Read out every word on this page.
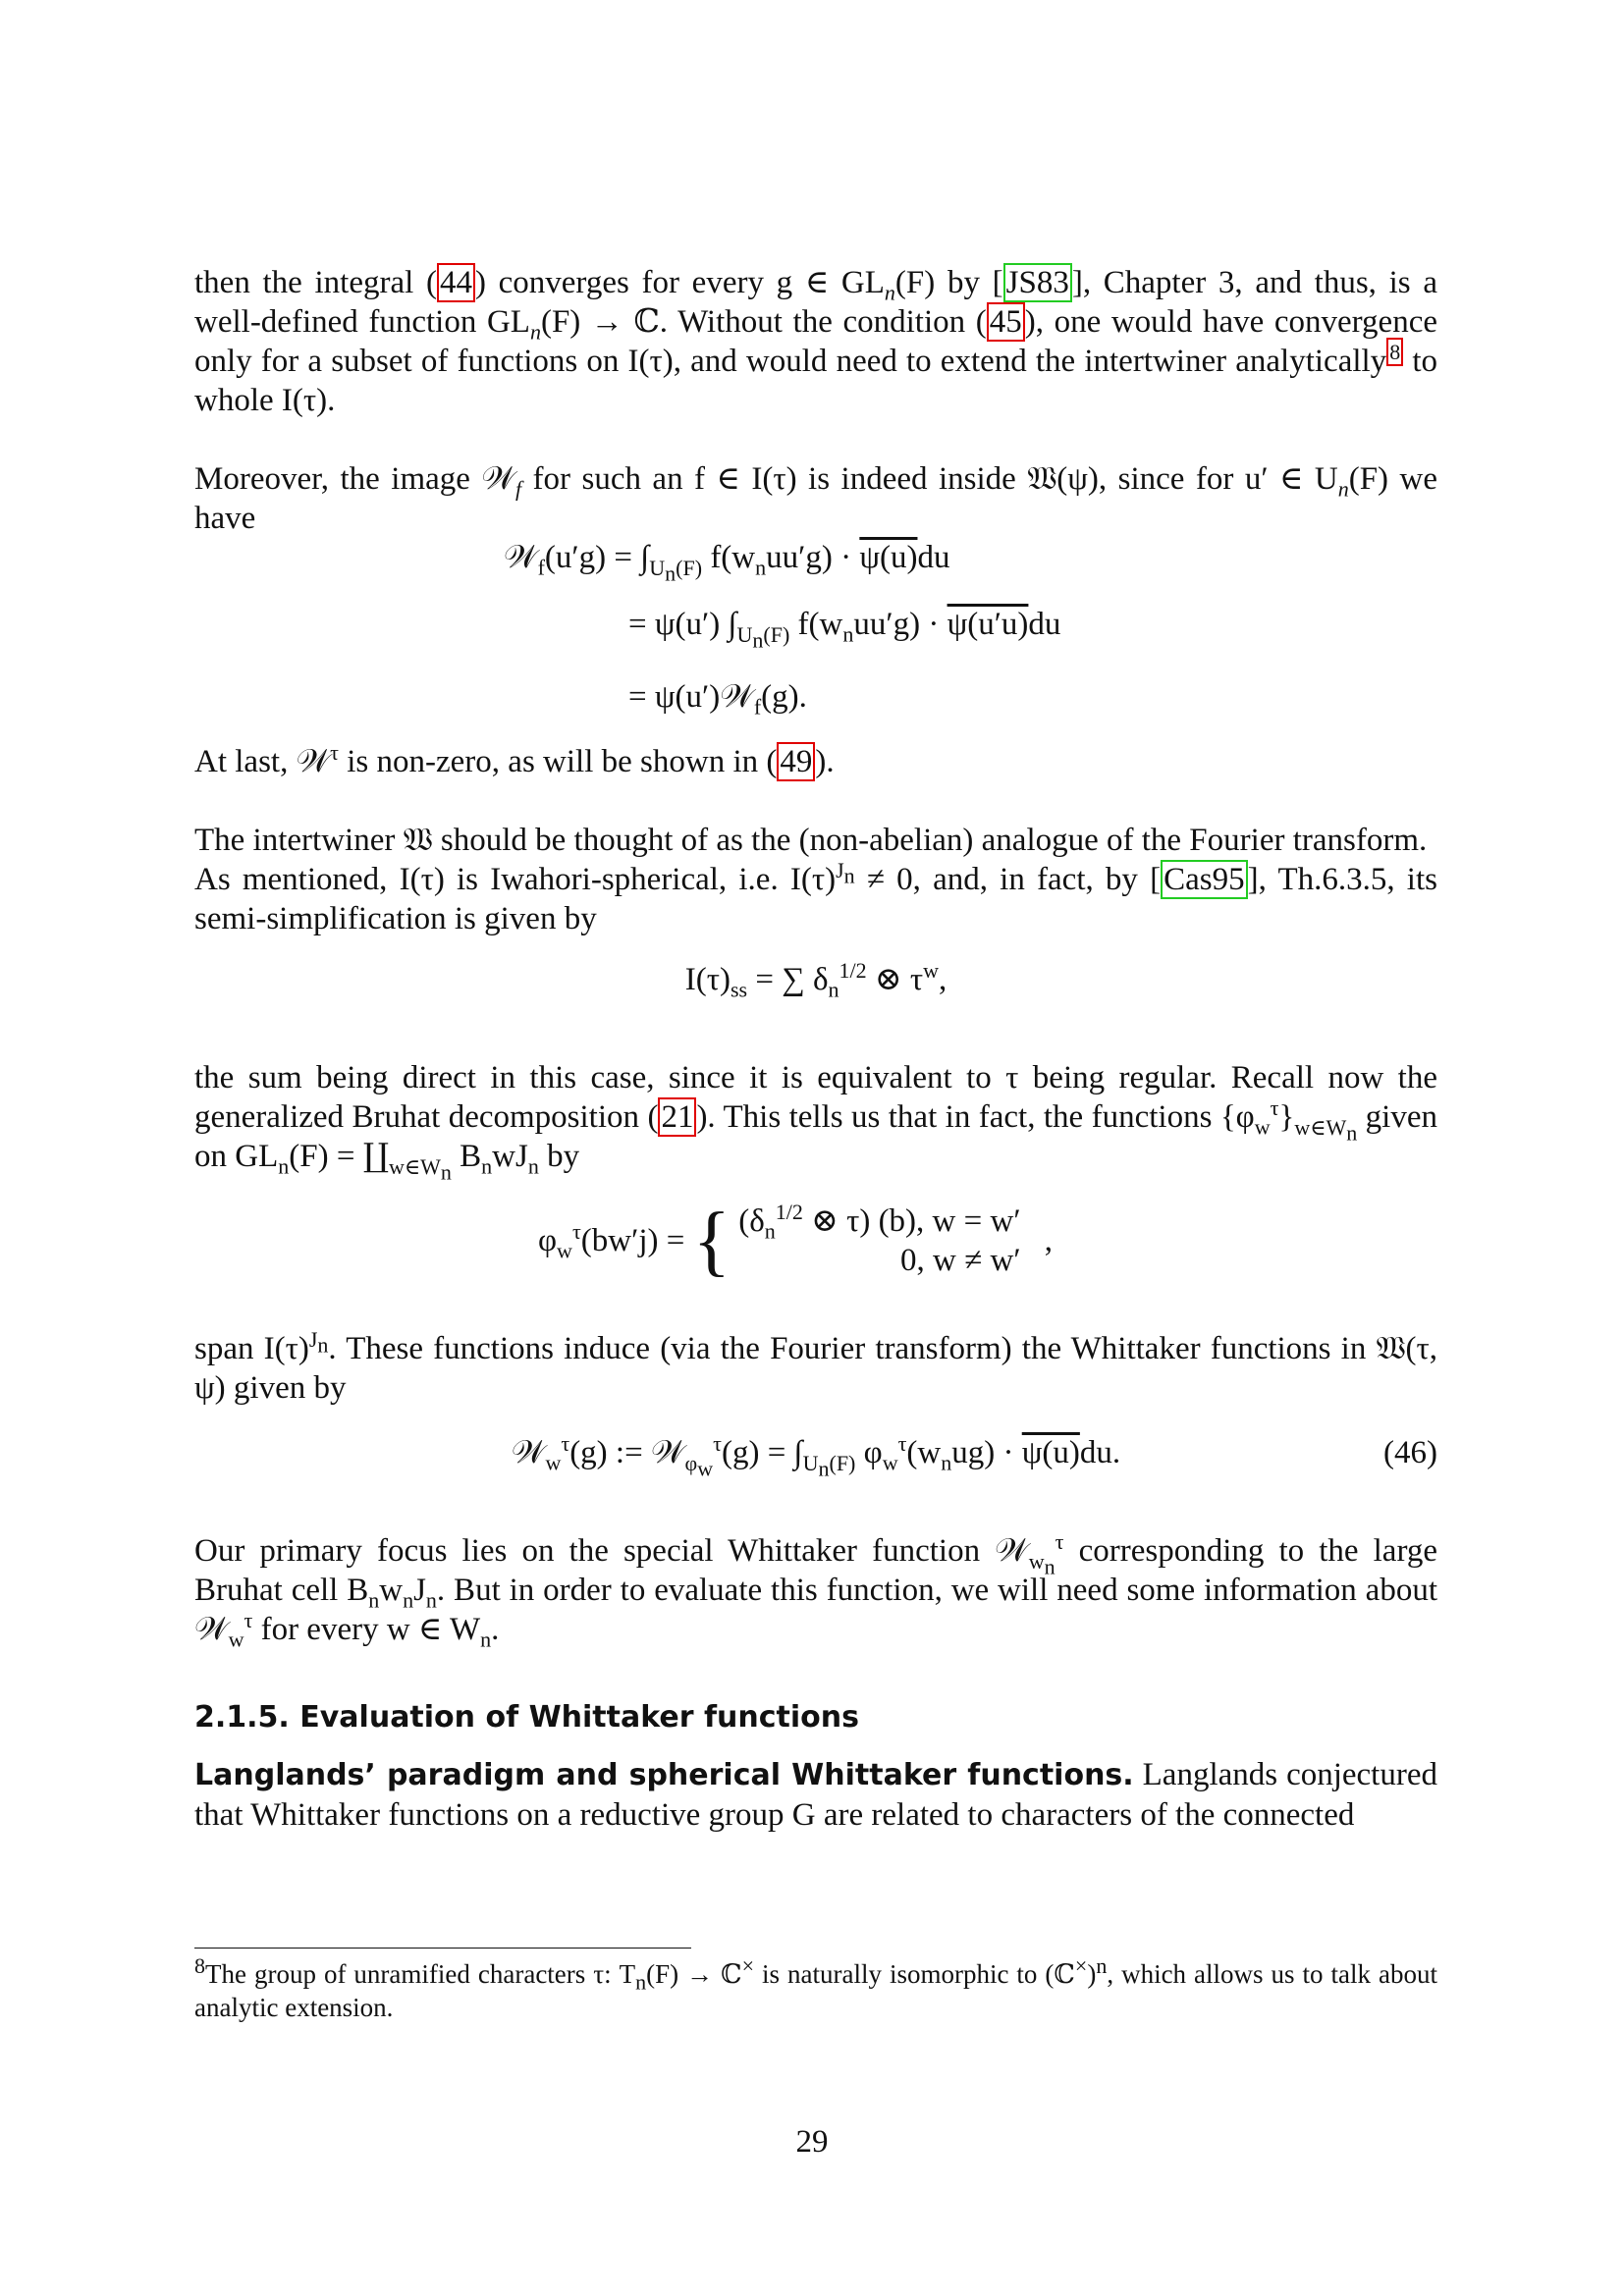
then the integral (44) converges for every g ∈ $GL_n(F)$ by [JS83], Chapter 3, and thus, is a well-defined function $GL_n(F)$ → ℂ. Without the condition (45), one would have convergence only for a subset of functions on I(τ), and would need to extend the intertwiner analytically $^8$ to whole I(τ).

Moreover, the image 𝒲$_f$ for such an f ∈ I(τ) is indeed inside 𝔚(ψ), since for u′ ∈ $U_n(F)$ we have

𝒲$_f$(u′g) = $\int_{U_n(F)}$ $f(w_nuu'g) \cdot \psi(u)du$
= ψ(u′) $\int_{U_n(F)}$ $f(w_nuu'g) \cdot \psi(u'u)du$
= ψ(u′)𝒲$_f$(g).

At last, 𝒲$^\tau$ is non-zero, as will be shown in (49).

The intertwiner 𝔚 should be thought of as the (non-abelian) analogue of the Fourier transform.

As mentioned, I(τ) is Iwahori-spherical, i.e. $I(\tau)^{J_n} \ne 0$, and, in fact, by [Cas95], Th.6.3.5, its semi-simplification is given by

$I(\tau)_{ss}$ = ∑ $\delta_n^{1/2}$ ⊗ $\tau^w$,

the sum being direct in this case, since it is equivalent to τ being regular. Recall now the generalized Bruhat decomposition (21). This tells us that in fact, the functions $\{\varphi_w^\tau\}_{w\in W_n}$ given on $GL_n(F)$ = $∐_{w\in W_n}$ $B_nwJ_n$ by

$\varphi_w^\tau(bw'j)$ = { ($\delta_n^{1/2}$ ⊗ τ) (b), w = w′
0, w ≠ w′
,

span $I(\tau)^{J_n}$. These functions induce (via the Fourier transform) the Whittaker functions in 𝔚(τ, ψ) given by

𝒲$_w^\tau$(g) := 𝒲$_{\varphi_w}^\tau$(g) = $\int_{U_n(F)}$ $\varphi_w^\tau(w_nug) \cdot \psi(u)du$.	(46)

Our primary focus lies on the special Whittaker function 𝒲$_{w_n}^\tau$ corresponding to the large Bruhat cell $B_nw_nJ_n$. But in order to evaluate this function, we will need some information about 𝒲$_w^\tau$ for every w ∈ $W_n$.

2.1.5. Evaluation of Whittaker functions

Langlands’ paradigm and spherical Whittaker functions. Langlands conjectured that Whittaker functions on a reductive group G are related to characters of the connected

$^8$The group of unramified characters τ: $T_n(F)$ → ℂ× is naturally isomorphic to (ℂ×)$^n$, which allows us to talk about analytic extension.
29
